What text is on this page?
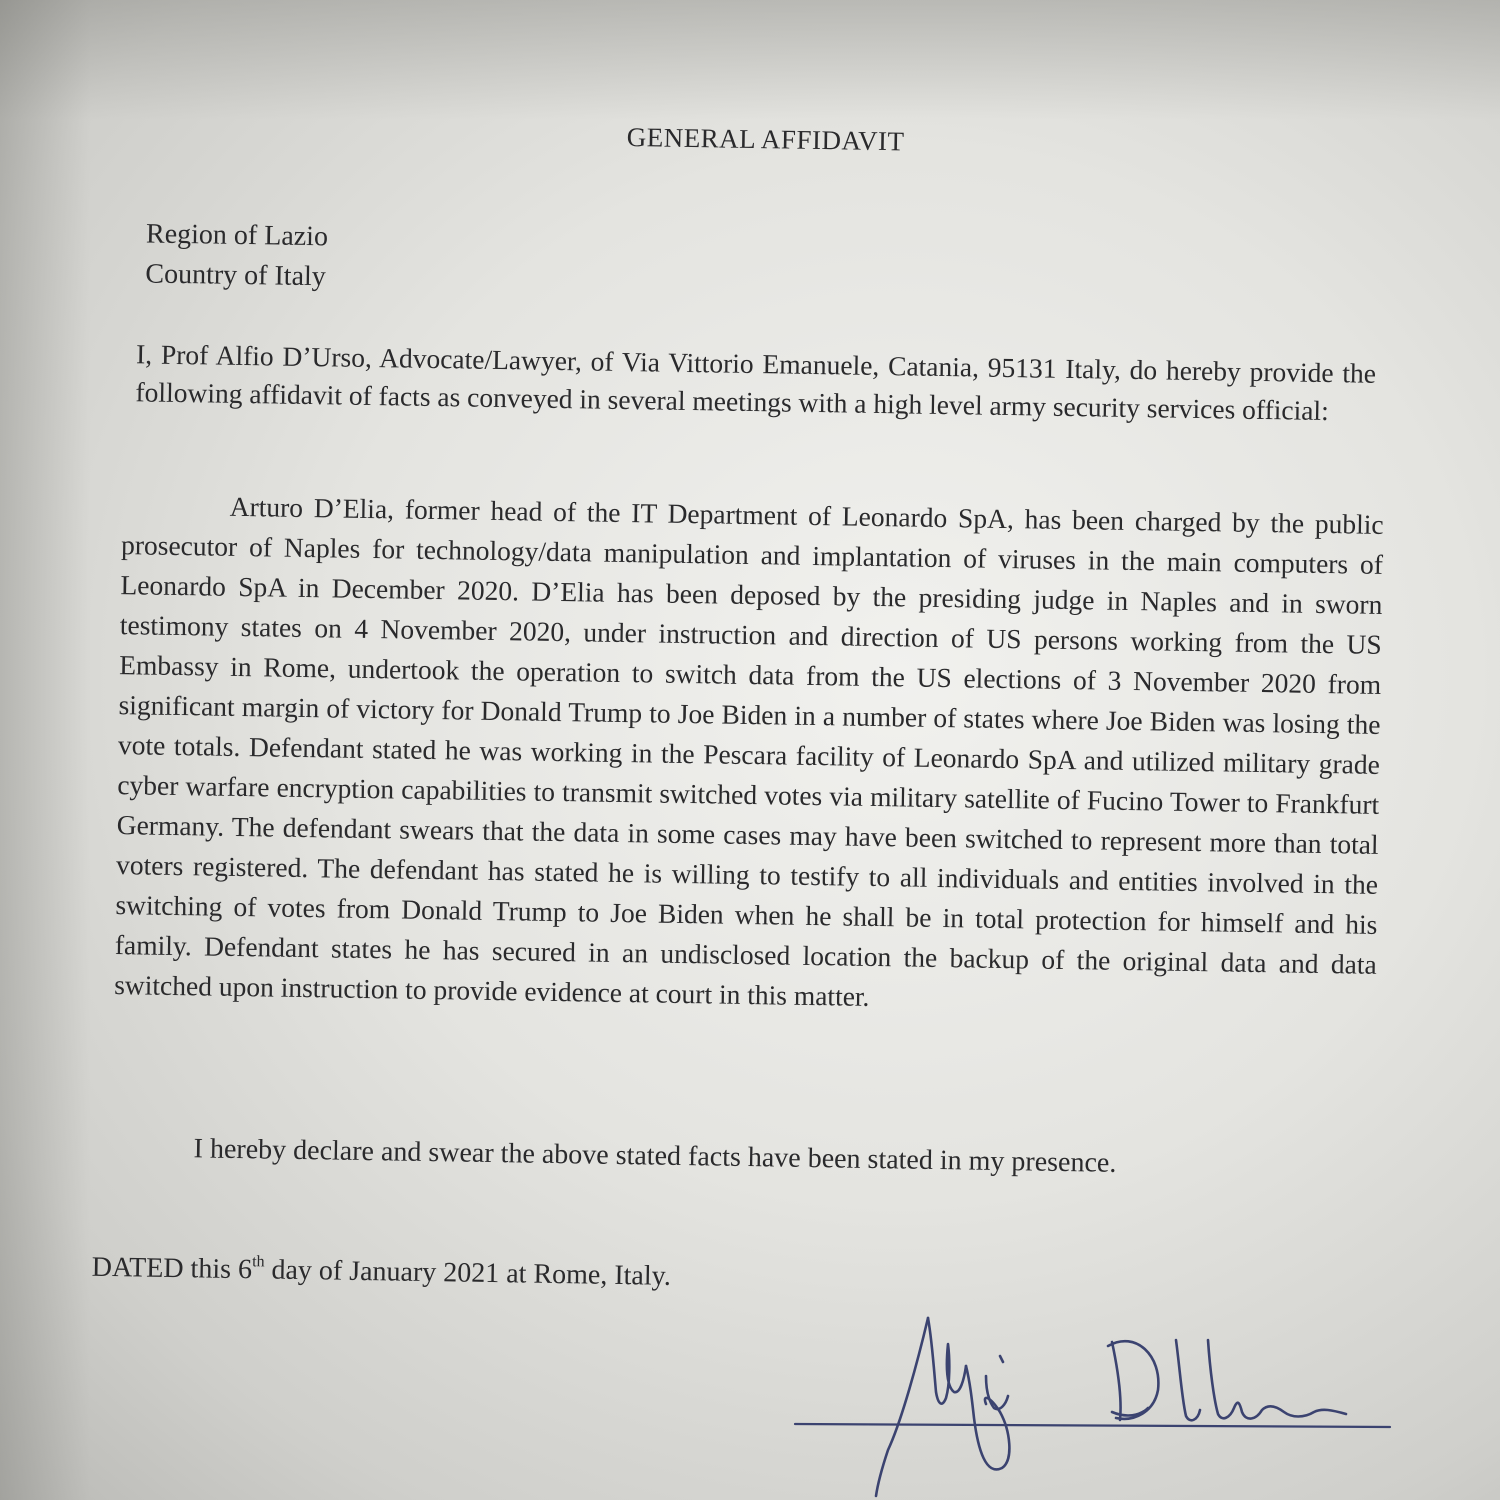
GENERAL AFFIDAVIT
Region of Lazio
Country of Italy

I, Prof Alfio D’Urso, Advocate/Lawyer, of Via Vittorio Emanuele, Catania, 95131 Italy, do hereby provide the following affidavit of facts as conveyed in several meetings with a high level army security services official:

Arturo D’Elia, former head of the IT Department of Leonardo SpA, has been charged by the public prosecutor of Naples for technology/data manipulation and implantation of viruses in the main computers of Leonardo SpA in December 2020. D’Elia has been deposed by the presiding judge in Naples and in sworn testimony states on 4 November 2020, under instruction and direction of US persons working from the US Embassy in Rome, undertook the operation to switch data from the US elections of 3 November 2020 from significant margin of victory for Donald Trump to Joe Biden in a number of states where Joe Biden was losing the vote totals. Defendant stated he was working in the Pescara facility of Leonardo SpA and utilized military grade cyber warfare encryption capabilities to transmit switched votes via military satellite of Fucino Tower to Frankfurt Germany. The defendant swears that the data in some cases may have been switched to represent more than total voters registered. The defendant has stated he is willing to testify to all individuals and entities involved in the switching of votes from Donald Trump to Joe Biden when he shall be in total protection for himself and his family. Defendant states he has secured in an undisclosed location the backup of the original data and data switched upon instruction to provide evidence at court in this matter.

I hereby declare and swear the above stated facts have been stated in my presence.
DATED this 6th day of January 2021 at Rome, Italy.
